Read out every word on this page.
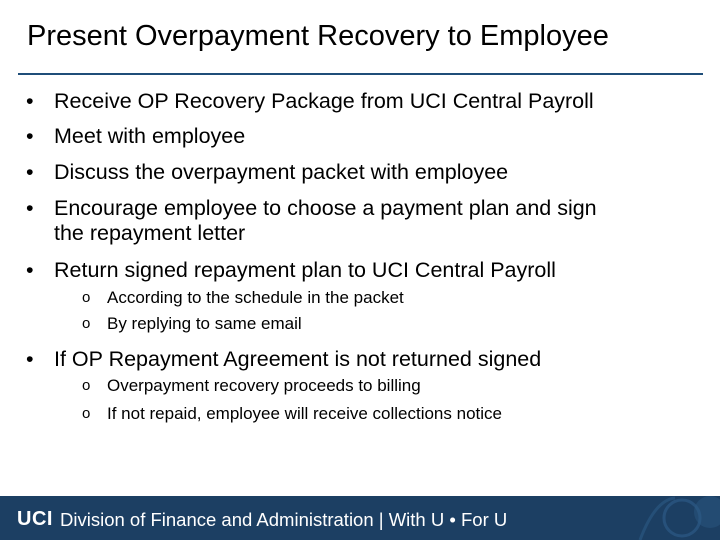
Present Overpayment Recovery to Employee
• Receive OP Recovery Package from UCI Central Payroll
• Meet with employee
• Discuss the overpayment packet with employee
• Encourage employee to choose a payment plan and sign
the repayment letter
• Return signed repayment plan to UCI Central Payroll
o According to the schedule in the packet
o By replying to same email
• If OP Repayment Agreement is not returned signed
o Overpayment recovery proceeds to billing
o If not repaid, employee will receive collections notice
UCI Division of Finance and Administration | With U • For U
